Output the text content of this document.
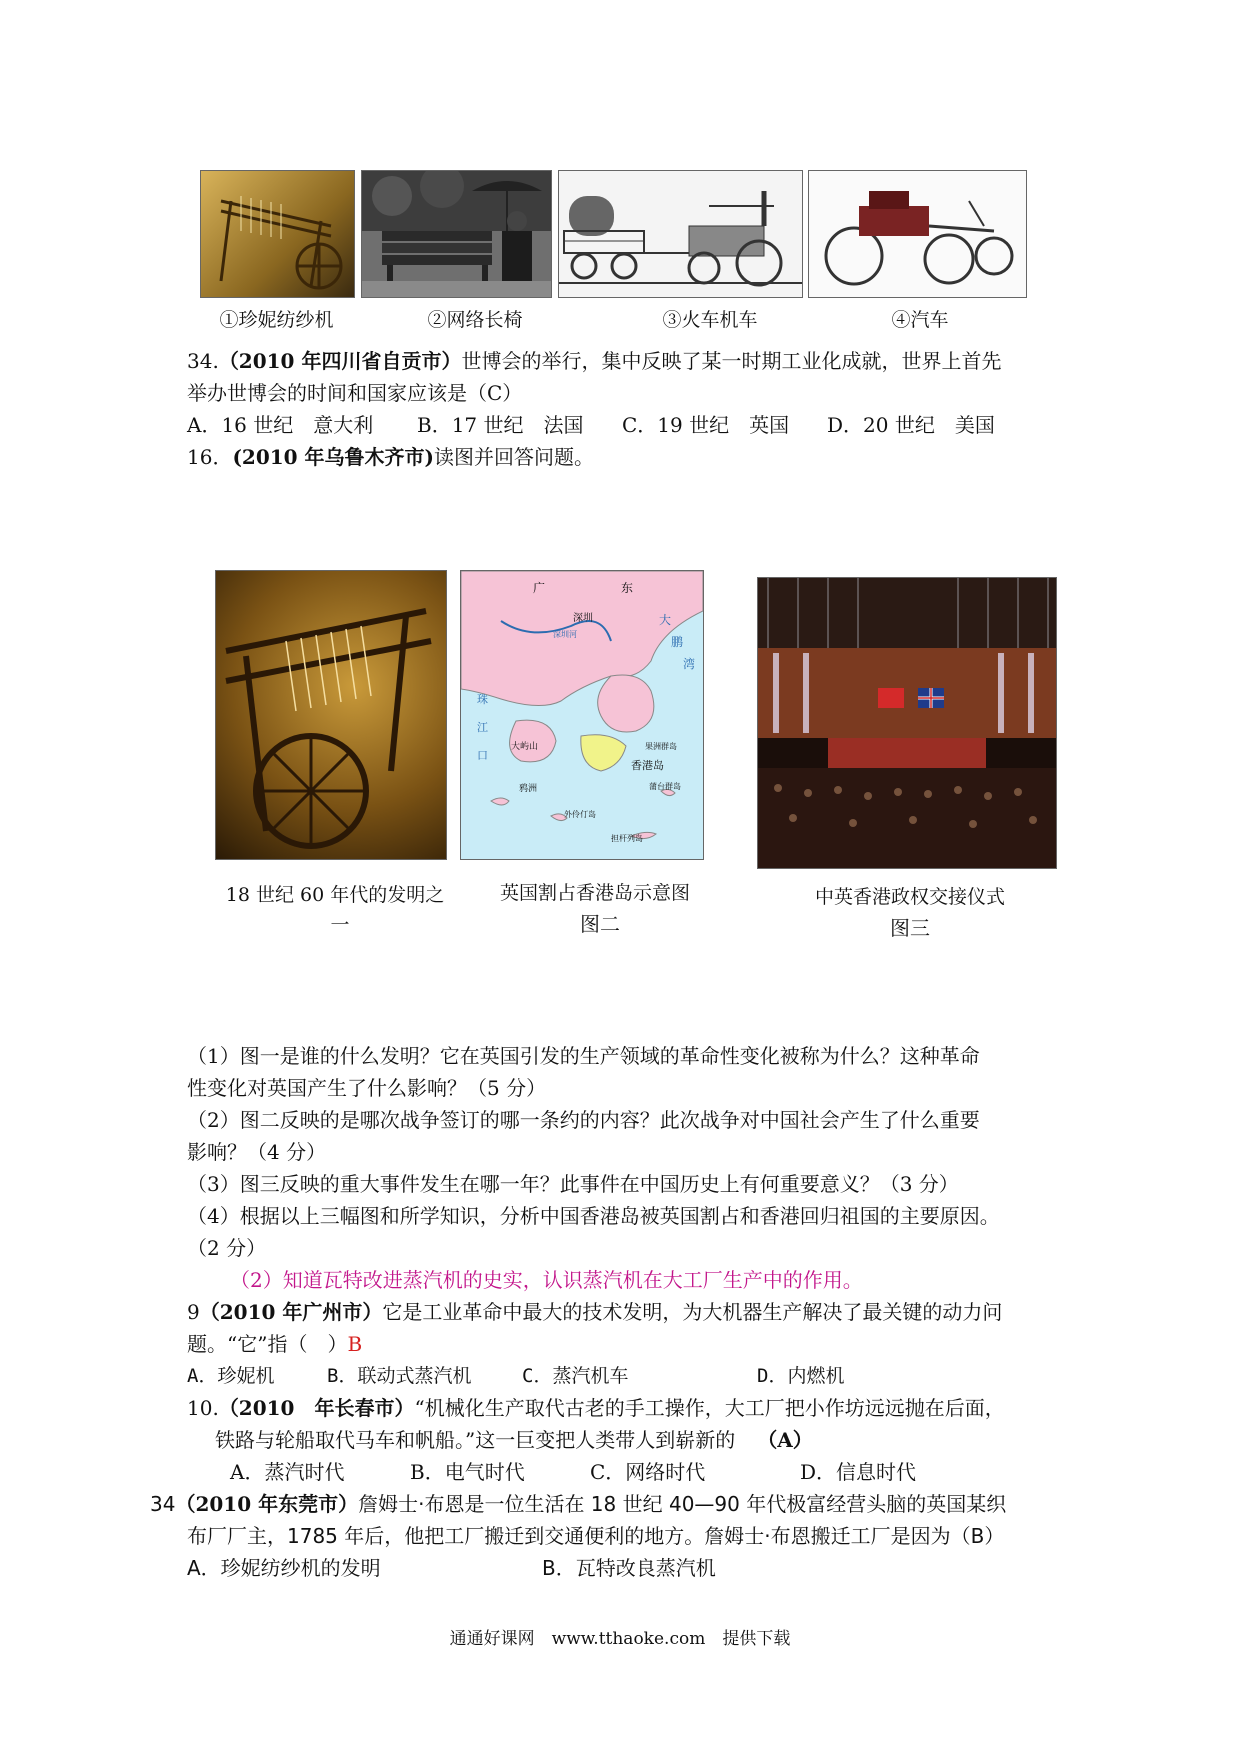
①珍妮纺纱机	②网络长椅	③火车机车	④汽车
34.（2010 年四川省自贡市）世博会的举行，集中反映了某一时期工业化成就，世界上首先
举办世博会的时间和国家应该是（C）
A．16 世纪　意大利 B．17 世纪　法国 C．19 世纪　英国 D．20 世纪　美国
16．(2010 年乌鲁木齐市)读图并回答问题。
广	东
深圳
深圳河
大
鹏
湾
珠
江
口
大屿山
香港岛
果洲群岛
鸦洲
外伶仃岛
蒲台群岛
担杆列岛
18 世纪 60 年代的发明之
一
英国割占香港岛示意图
图二
中英香港政权交接仪式
图三
（1）图一是谁的什么发明？它在英国引发的生产领域的革命性变化被称为什么？这种革命
性变化对英国产生了什么影响？（5 分）
（2）图二反映的是哪次战争签订的哪一条约的内容？此次战争对中国社会产生了什么重要
影响？（4 分）
（3）图三反映的重大事件发生在哪一年？此事件在中国历史上有何重要意义？（3 分）
（4）根据以上三幅图和所学知识，分析中国香港岛被英国割占和香港回归祖国的主要原因。
（2 分）
（2）知道瓦特改进蒸汽机的史实，认识蒸汽机在大工厂生产中的作用。
9（2010 年广州市）它是工业革命中最大的技术发明，为大机器生产解决了最关键的动力问
题。“它”指（　）B
A．珍妮机	B．联动式蒸汽机	C．蒸汽机车	D．内燃机
10.（2010　年长春市）“机械化生产取代古老的手工操作，大工厂把小作坊远远抛在后面，
铁路与轮船取代马车和帆船。”这一巨变把人类带人到崭新的 （A）
A．蒸汽时代	B．电气时代	C．网络时代	D．信息时代
34（2010 年东莞市）詹姆士·布恩是一位生活在 18 世纪 40—90 年代极富经营头脑的英国某织
布厂厂主，1785 年后，他把工厂搬迁到交通便利的地方。詹姆士·布恩搬迁工厂是因为（B）
A．珍妮纺纱机的发明	B．瓦特改良蒸汽机
通通好课网　www.tthaoke.com　提供下载
